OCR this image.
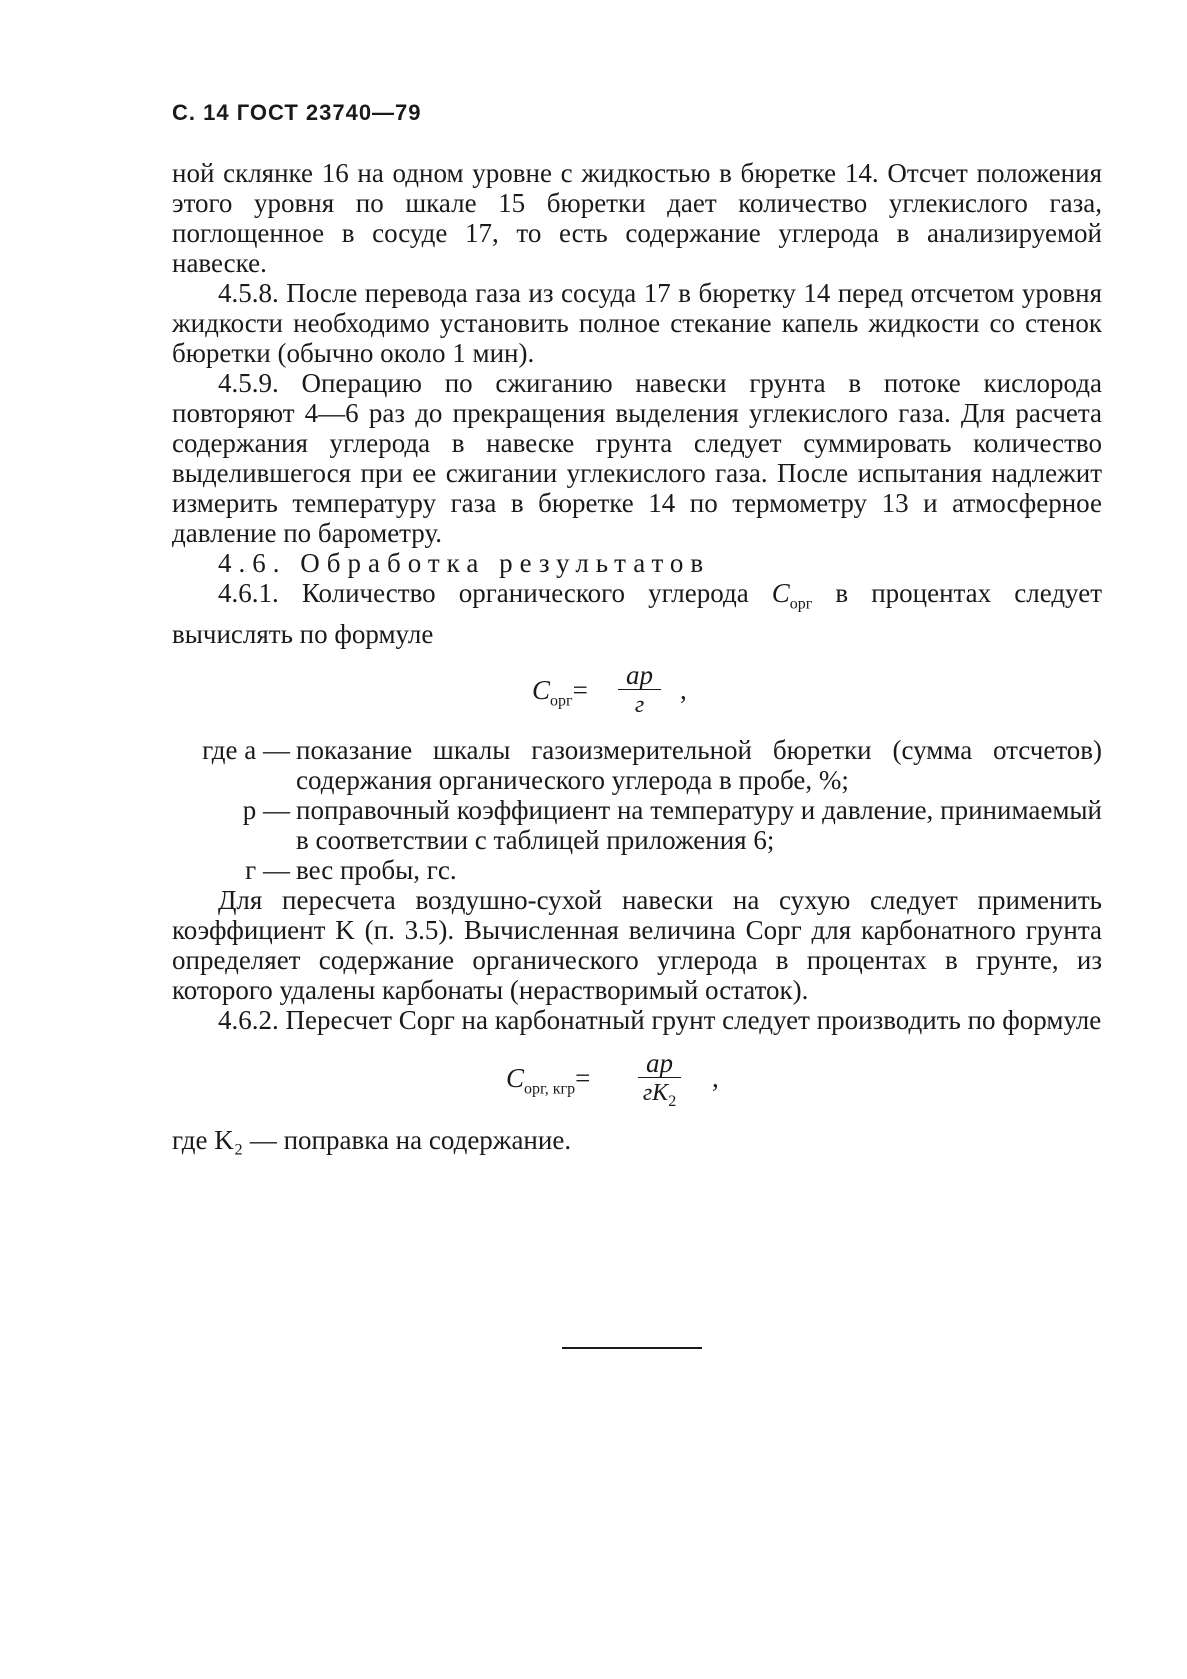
С. 14 ГОСТ 23740—79

ной склянке 16 на одном уровне с жидкостью в бюретке 14. Отсчет положения этого уровня по шкале 15 бюретки дает количество углекислого газа, поглощенное в сосуде 17, то есть содержание углерода в анализируемой навеске.

4.5.8. После перевода газа из сосуда 17 в бюретку 14 перед отсчетом уровня жидкости необходимо установить полное стекание капель жидкости со стенок бюретки (обычно около 1 мин).

4.5.9. Операцию по сжиганию навески грунта в потоке кислорода повторяют 4—6 раз до прекращения выделения углекислого газа. Для расчета содержания углерода в навеске грунта следует суммировать количество выделившегося при ее сжигании углекислого газа. После испытания надлежит измерить температуру газа в бюретке 14 по термометру 13 и атмосферное давление по барометру.

4.6. Обработка результатов

4.6.1. Количество органического углерода $C_{орг}$ в процентах следует вычислять по формуле

$C_{орг}=$ ap
г	,
где a — показание шкалы газоизмерительной бюретки (сумма отсчетов) содержания органического углерода в пробе, %;
p — поправочный коэффициент на температуру и давление, принимаемый в соответствии с таблицей приложения 6;
г — вес пробы, гс.

Для пересчета воздушно-сухой навески на сухую следует применить коэффициент K (п. 3.5). Вычисленная величина Cорг для карбонатного грунта определяет содержание органического углерода в процентах в грунте, из которого удалены карбонаты (нерастворимый остаток).

4.6.2. Пересчет Cорг на карбонатный грунт следует производить по формуле

$C_{орг, кгр}=$ ap
$гK_2$
,

где K₂ — поправка на содержание.
